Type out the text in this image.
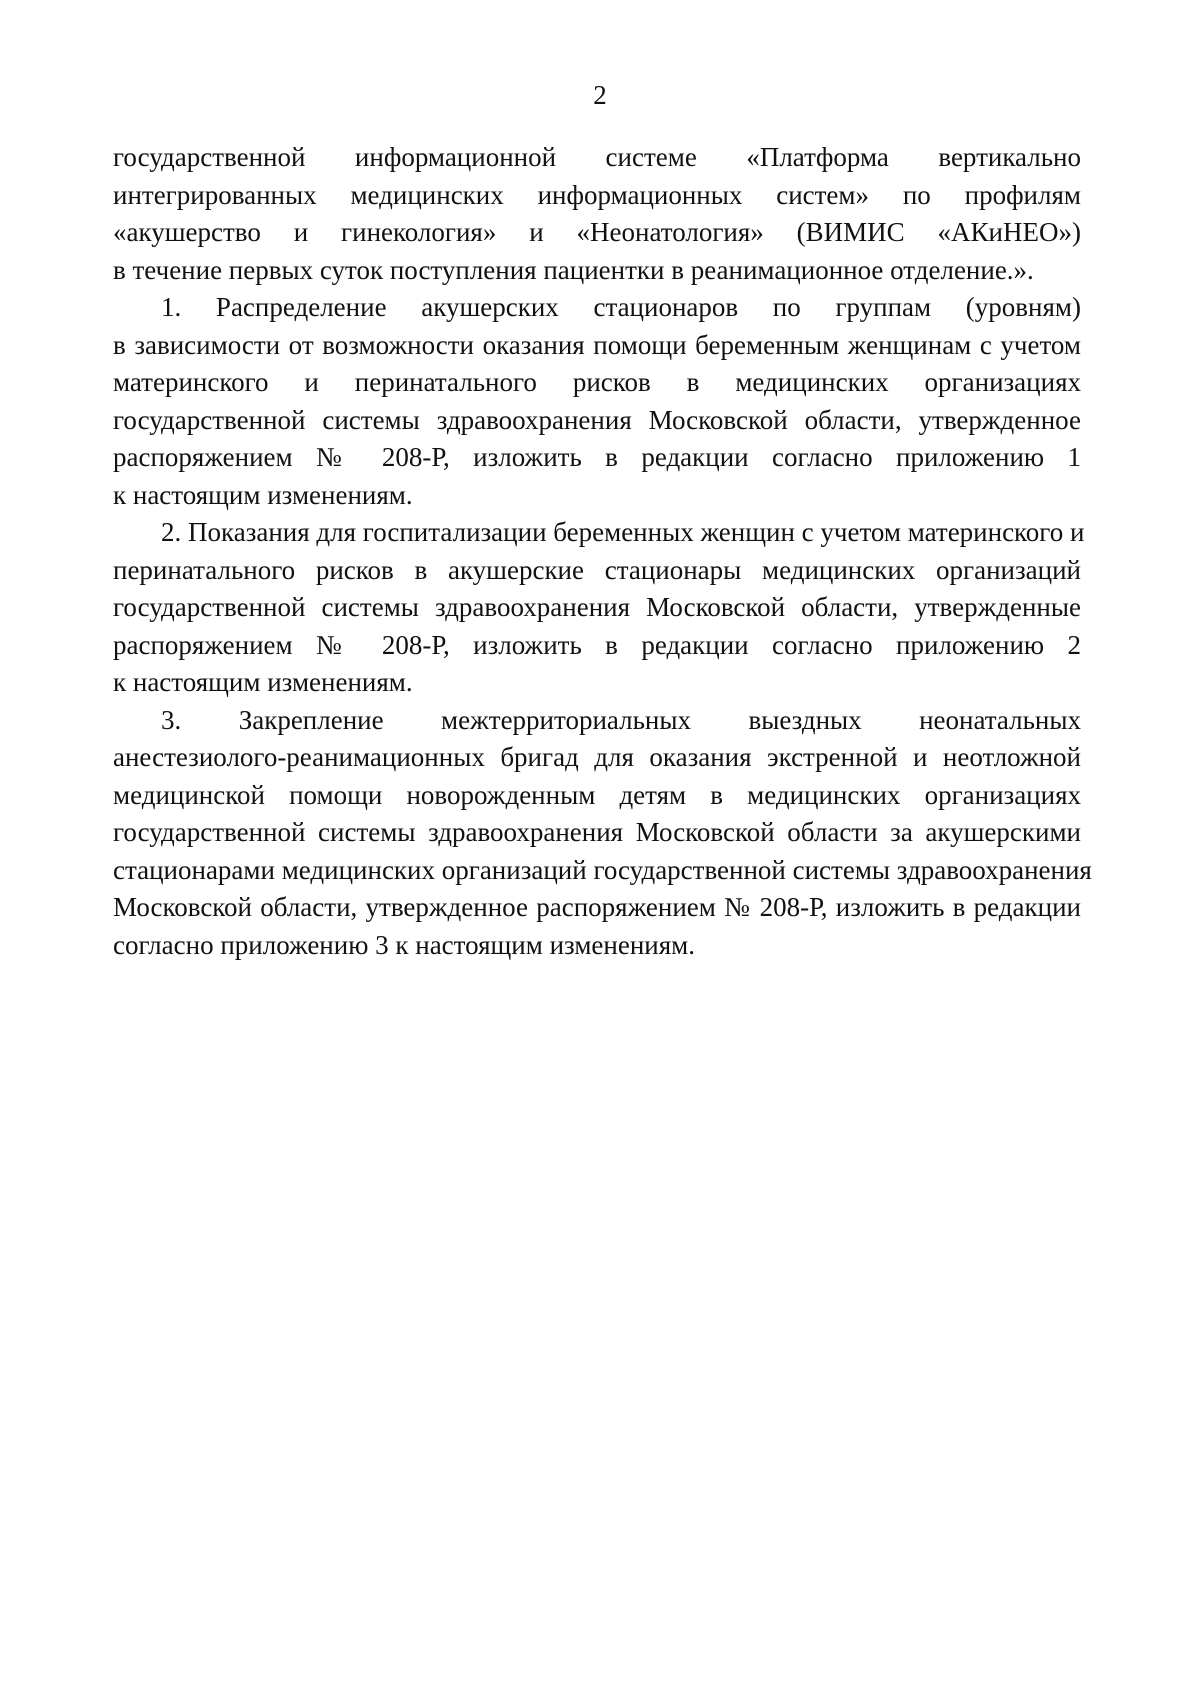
2
государственной информационной системе «Платформа вертикально
интегрированных медицинских информационных систем» по профилям
«акушерство и гинекология» и «Неонатология» (ВИМИС «АКиНЕО»)
в течение первых суток поступления пациентки в реанимационное отделение.».
1. Распределение акушерских стационаров по группам (уровням)
в зависимости от возможности оказания помощи беременным женщинам с учетом
материнского и перинатального рисков в медицинских организациях
государственной системы здравоохранения Московской области, утвержденное
распоряжением № 208-Р, изложить в редакции согласно приложению 1
к настоящим изменениям.
2. Показания для госпитализации беременных женщин с учетом материнского и
перинатального рисков в акушерские стационары медицинских организаций
государственной системы здравоохранения Московской области, утвержденные
распоряжением № 208-Р, изложить в редакции согласно приложению 2
к настоящим изменениям.
3. Закрепление межтерриториальных выездных неонатальных
анестезиолого-реанимационных бригад для оказания экстренной и неотложной
медицинской помощи новорожденным детям в медицинских организациях
государственной системы здравоохранения Московской области за акушерскими
стационарами медицинских организаций государственной системы здравоохранения
Московской области, утвержденное распоряжением № 208-Р, изложить в редакции
согласно приложению 3 к настоящим изменениям.
